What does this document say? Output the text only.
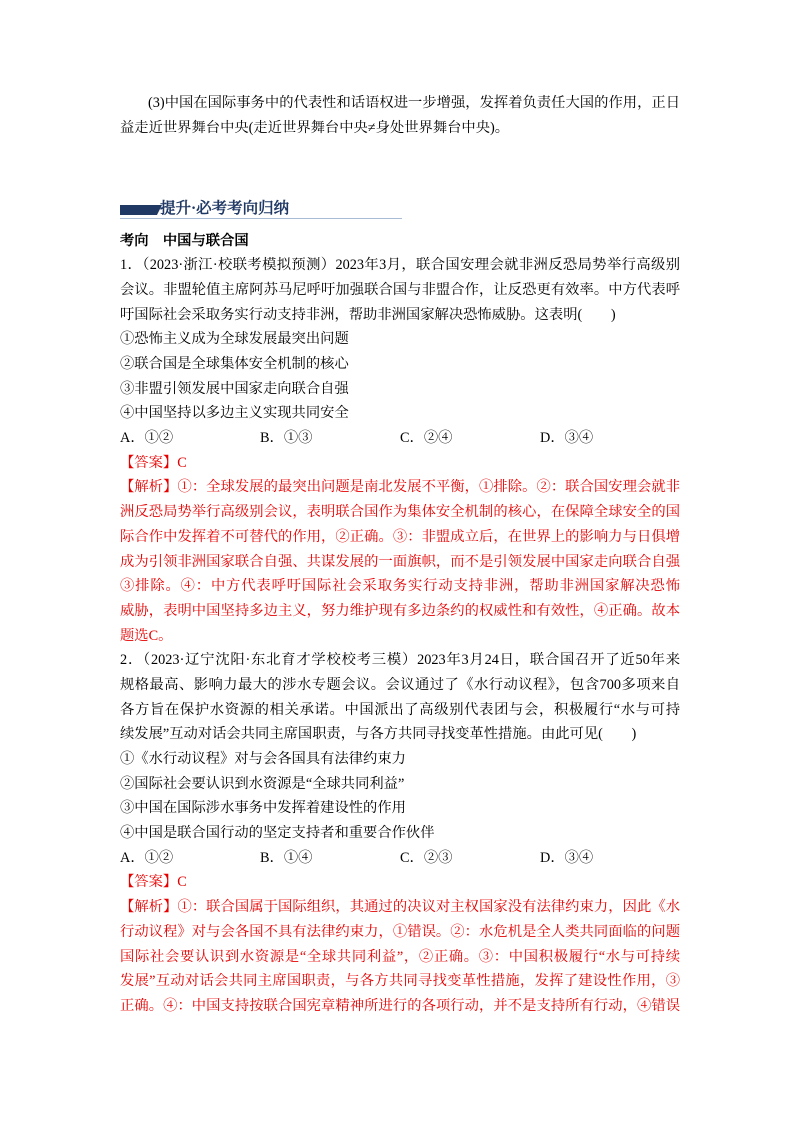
(3)中国在国际事务中的代表性和话语权进一步增强，发挥着负责任大国的作用，正日
益走近世界舞台中央(走近世界舞台中央≠身处世界舞台中央)。
提升·必考考向归纳
考向　中国与联合国
1．（2023·浙江·校联考模拟预测）2023年3月，联合国安理会就非洲反恐局势举行高级别
会议。非盟轮值主席阿苏马尼呼吁加强联合国与非盟合作，让反恐更有效率。中方代表呼
吁国际社会采取务实行动支持非洲，帮助非洲国家解决恐怖威胁。这表明(　　)
①恐怖主义成为全球发展最突出问题
②联合国是全球集体安全机制的核心
③非盟引领发展中国家走向联合自强
④中国坚持以多边主义实现共同安全
A．①②	B．①③	C．②④	D．③④
【答案】C
【解析】①：全球发展的最突出问题是南北发展不平衡，①排除。②：联合国安理会就非
洲反恐局势举行高级别会议，表明联合国作为集体安全机制的核心，在保障全球安全的国
际合作中发挥着不可替代的作用，②正确。③：非盟成立后，在世界上的影响力与日俱增
成为引领非洲国家联合自强、共谋发展的一面旗帜，而不是引领发展中国家走向联合自强
③排除。④：中方代表呼吁国际社会采取务实行动支持非洲，帮助非洲国家解决恐怖
威胁，表明中国坚持多边主义，努力维护现有多边条约的权威性和有效性，④正确。故本
题选C。
2．（2023·辽宁沈阳·东北育才学校校考三模）2023年3月24日，联合国召开了近50年来
规格最高、影响力最大的涉水专题会议。会议通过了《水行动议程》，包含700多项来自
各方旨在保护水资源的相关承诺。中国派出了高级别代表团与会，积极履行“水与可持
续发展”互动对话会共同主席国职责，与各方共同寻找变革性措施。由此可见(　　)
①《水行动议程》对与会各国具有法律约束力
②国际社会要认识到水资源是“全球共同利益”
③中国在国际涉水事务中发挥着建设性的作用
④中国是联合国行动的坚定支持者和重要合作伙伴
A．①②	B．①④	C．②③	D．③④
【答案】C
【解析】①：联合国属于国际组织，其通过的决议对主权国家没有法律约束力，因此《水
行动议程》对与会各国不具有法律约束力，①错误。②：水危机是全人类共同面临的问题
国际社会要认识到水资源是“全球共同利益”，②正确。③：中国积极履行“水与可持续
发展”互动对话会共同主席国职责，与各方共同寻找变革性措施，发挥了建设性作用，③
正确。④：中国支持按联合国宪章精神所进行的各项行动，并不是支持所有行动，④错误
